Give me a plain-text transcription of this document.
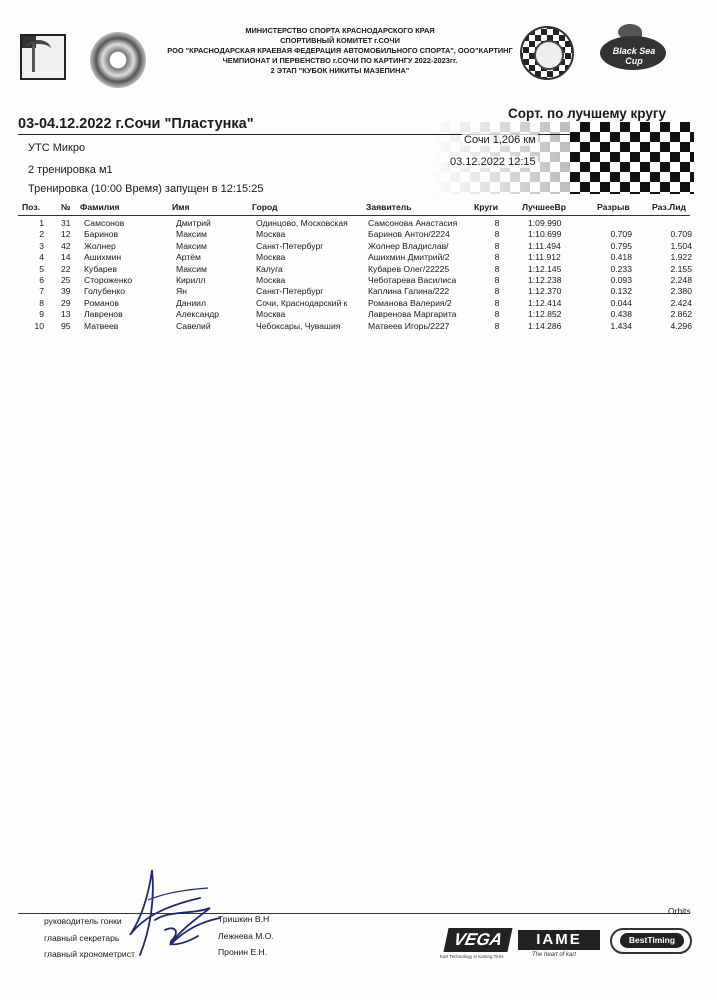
МИНИСТЕРСТВО СПОРТА КРАСНОДАРСКОГО КРАЯ
СПОРТИВНЫЙ КОМИТЕТ г.СОЧИ
РОО "КРАСНОДАРСКАЯ КРАЕВАЯ ФЕДЕРАЦИЯ АВТОМОБИЛЬНОГО СПОРТА", ООО"КАРТИНГ
ЧЕМПИОНАТ И ПЕРВЕНСТВО г.СОЧИ ПО КАРТИНГУ 2022-2023гг.
2 ЭТАП "КУБОК НИКИТЫ МАЗЕПИНА"
Black Sea Cup
Сорт. по лучшему кругу
03-04.12.2022 г.Сочи "Пластунка"
УТС Микро
2 тренировка м1
Тренировка (10:00 Время) запущен в 12:15:25
Сочи 1,206 км
03.12.2022 12:15
Поз. № Фамилия	Имя	Город	Заявитель	Круги	ЛучшееВр	Разрыв	Раз.Лид
1 31	Самсонов	Дмитрий	Одинцово, Московская	Самсонова Анастасия	8	1:09.990
2 12	Баринов	Максим	Москва	Баринов Антон/2224	8	1:10.699	0.709	0.709
3 42	Жолнер	Максим	Санкт-Петербург	Жолнер Владислав/	8	1:11.494	0.795	1.504
4 14	Ашихмин	Артём	Москва	Ашихмин Дмитрий/2	8	1:11.912	0.418	1.922
5 22	Кубарев	Максим	Калуга	Кубарев Олег/22225	8	1:12.145	0.233	2.155
6 25	Стороженко	Кирилл	Москва	Чеботарева Василиса	8	1:12.238	0.093	2.248
7 39	Голубенко	Ян	Санкт-Петербург	Каплина Галина/222	8	1:12.370	0.132	2.380
8 29	Романов	Даниил	Сочи, Краснодарский к	Романова Валерия/2	8	1:12.414	0.044	2.424
9 13	Лавренов	Александр	Москва	Лавренова Маргарита	8	1:12.852	0.438	2.862
10 95	Матвеев	Савелий	Чебоксары, Чувашия	Матвеев Игорь/2227	8	1:14.286	1.434	4.296
Orbits
руководитель гонки	Тришкин В.Н
главный секретарь	Лежнева М.О.
главный хронометрист	Пронин Е.Н.
VEGA
Kart Technology in Karting Tires
IAME
The heart of kart
BestTiming
